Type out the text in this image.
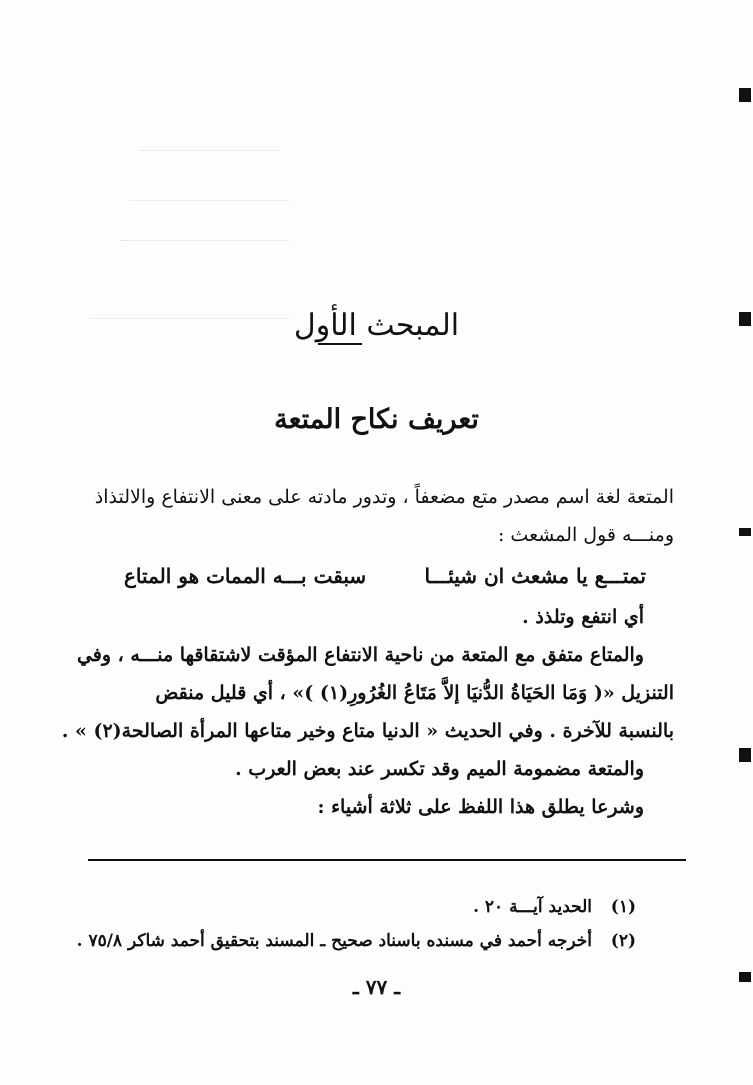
المبحث الأول
تعريف نكاح المتعة
المتعة لغة اسم مصدر متع مضعفاً ، وتدور مادته على معنى الانتفاع والالتذاذ
ومنـــه قول المشعث :
تمتـــع يا مشعث ان شيئـــا
سبقت بـــه الممات هو المتاع
أي انتفع وتلذذ .
والمتاع متفق مع المتعة من ناحية الانتفاع المؤقت لاشتقاقها منـــه ، وفي
التنزيل «( وَمَا الحَيَاةُ الدُّنيَا إلاَّ مَتَاعُ الغُرُورِ(١) )» ، أي قليل منقض
بالنسبة للآخرة . وفي الحديث « الدنيا متاع وخير متاعها المرأة الصالحة(٢) » .
والمتعة مضمومة الميم وقد تكسر عند بعض العرب .
وشرعا يطلق هذا اللفظ على ثلاثة أشياء :
(١)
الحديد آيـــة ٢٠ .
(٢)
أخرجه أحمد في مسنده باسناد صحيح ـ المسند بتحقيق أحمد شاكر ٧٥/٨ .
ـ ٧٧ ـ
